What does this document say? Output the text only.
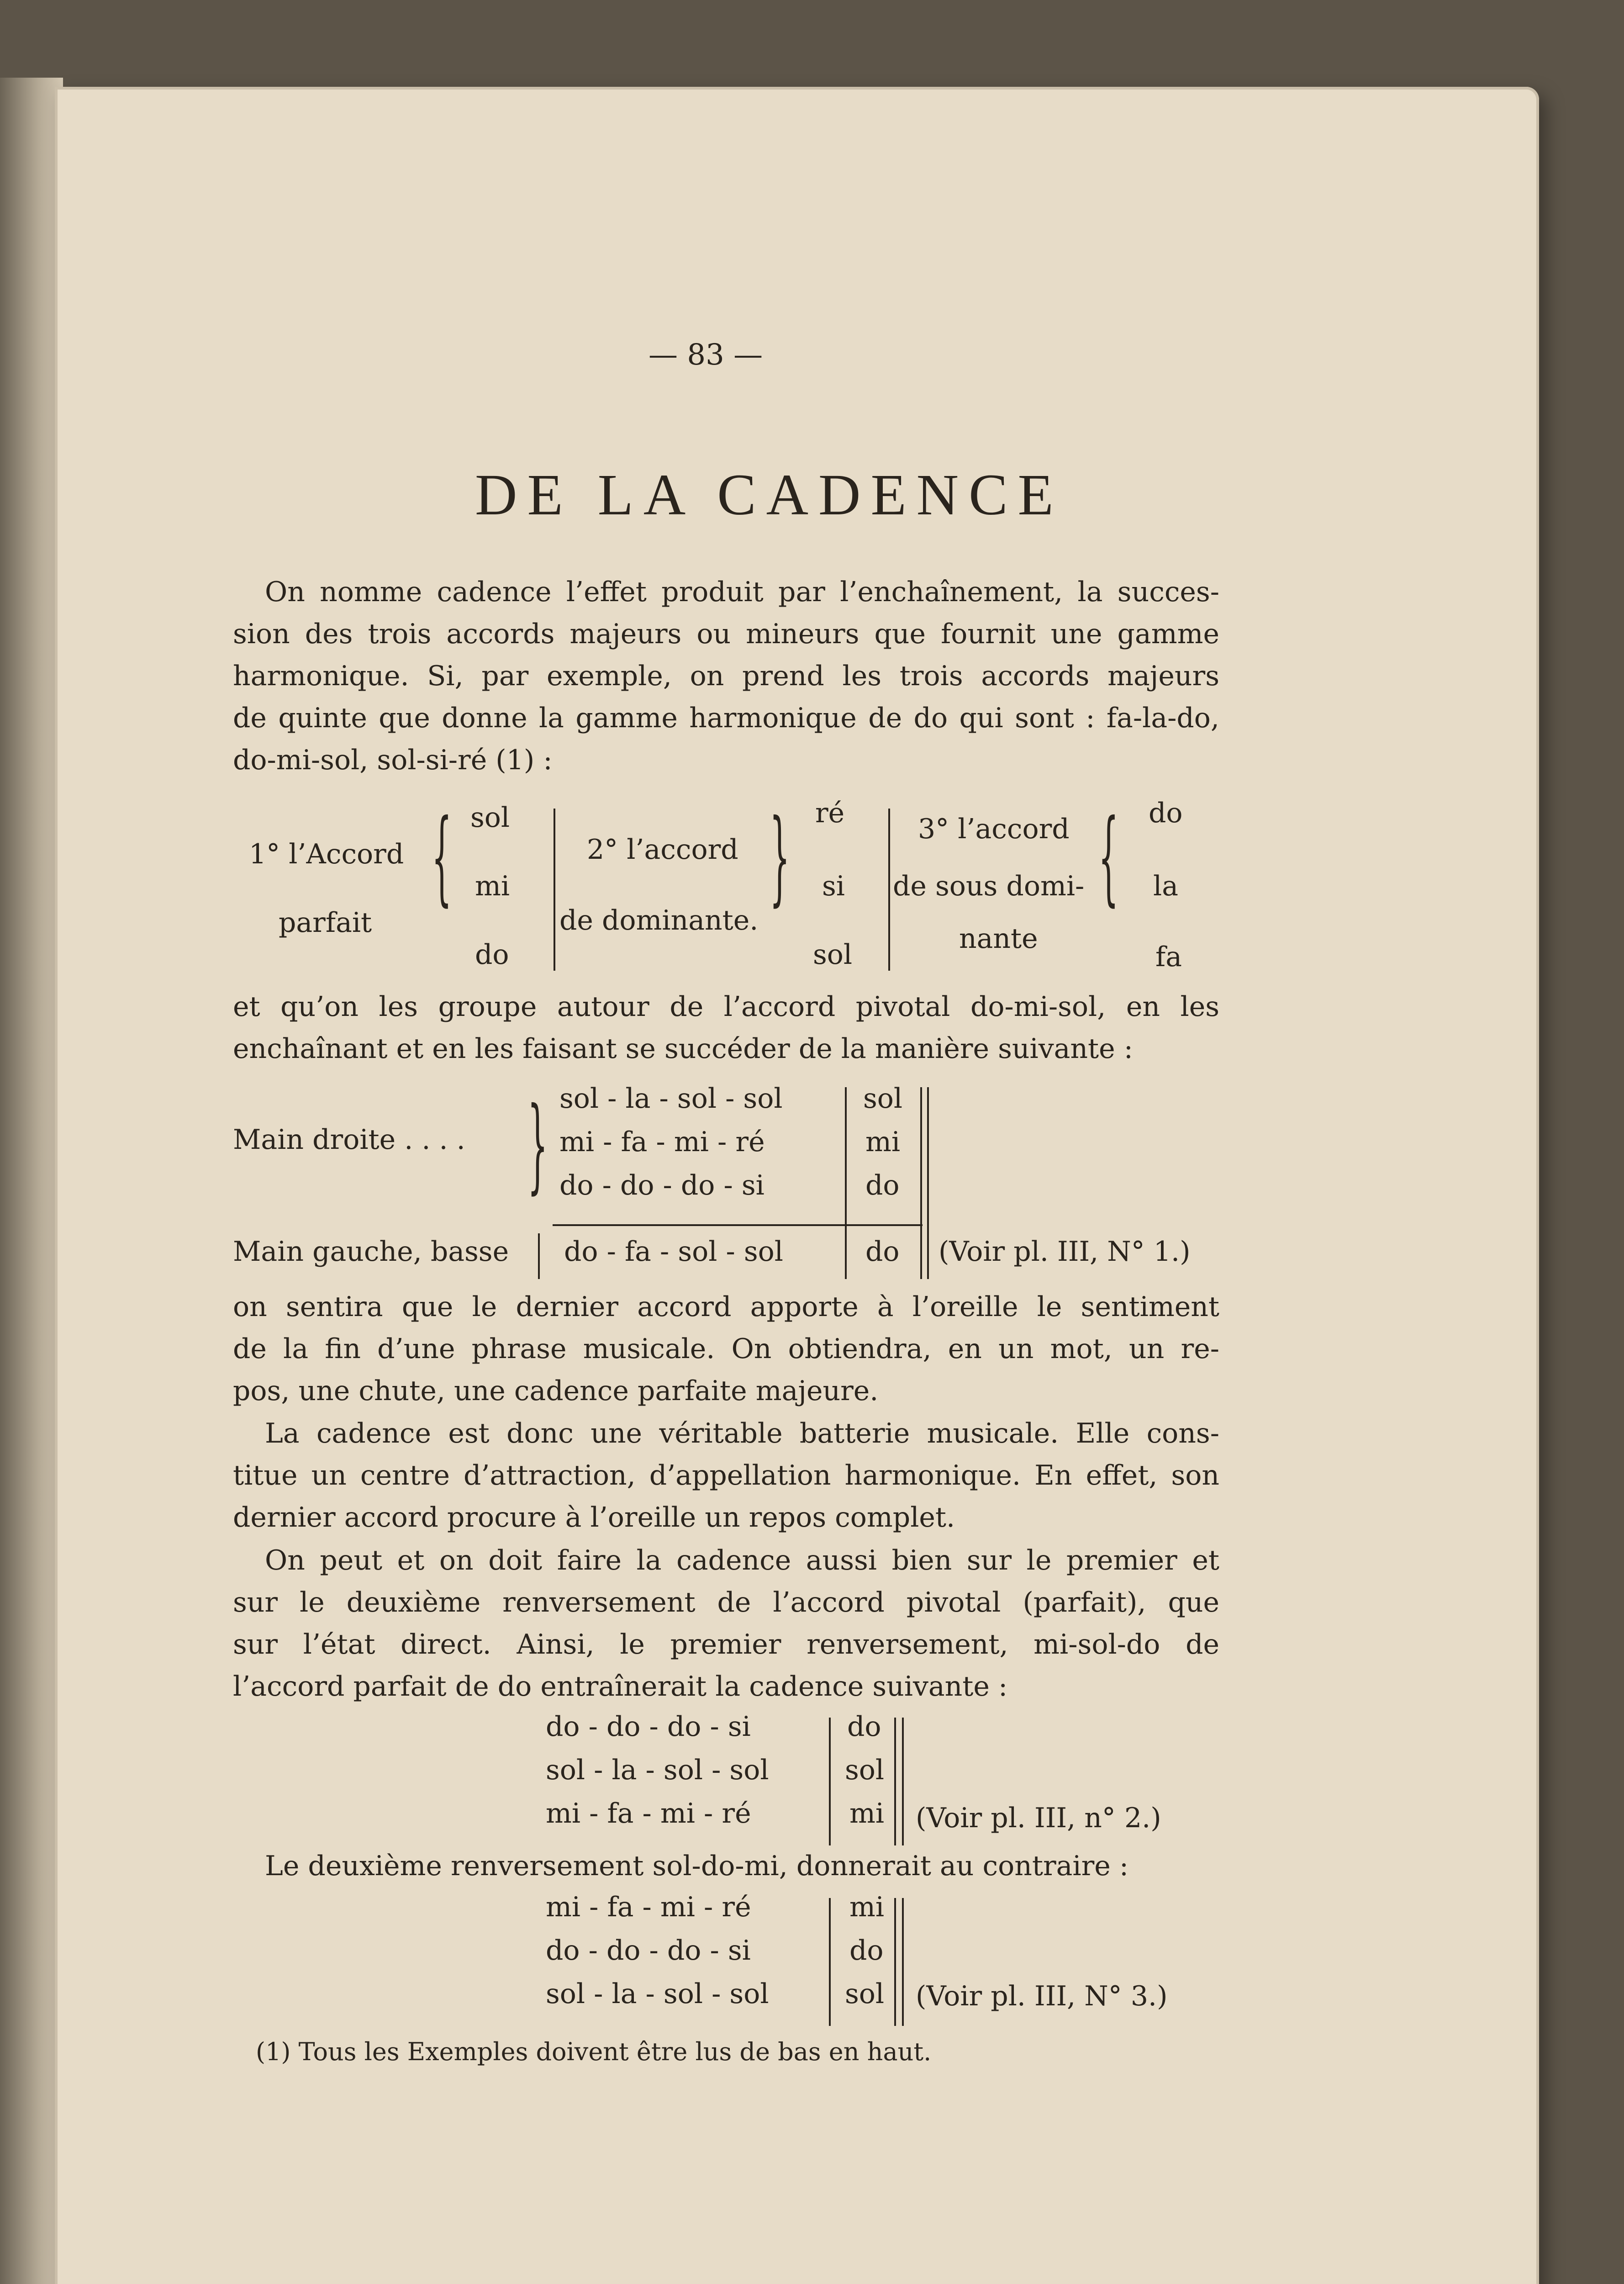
— 83 —
DE LA CADENCE
On nomme cadence l’effet produit par l’enchaînement, la succes-
sion des trois accords majeurs ou mineurs que fournit une gamme
harmonique. Si, par exemple, on prend les trois accords majeurs
de quinte que donne la gamme harmonique de do qui sont : fa-la-do,
do-mi-sol, sol-si-ré (1) :
1° l’Accord
parfait
{ sol
mi
do
2° l’accord
de dominante.
} ré
si
sol
3° l’accord
de sous domi-
nante
{ do
la
fa
et qu’on les groupe autour de l’accord pivotal do-mi-sol, en les
enchaînant et en les faisant se succéder de la manière suivante :
Main droite . . . . } sol - la - sol - sol
mi - fa - mi - ré
do - do - do - si
sol
mi
do
Main gauche, basse do - fa - sol - sol	do (Voir pl. III, N° 1.)
on sentira que le dernier accord apporte à l’oreille le sentiment
de la fin d’une phrase musicale. On obtiendra, en un mot, un re-
pos, une chute, une cadence parfaite majeure.
La cadence est donc une véritable batterie musicale. Elle cons-
titue un centre d’attraction, d’appellation harmonique. En effet, son
dernier accord procure à l’oreille un repos complet.
On peut et on doit faire la cadence aussi bien sur le premier et
sur le deuxième renversement de l’accord pivotal (parfait), que
sur l’état direct. Ainsi, le premier renversement, mi-sol-do de
l’accord parfait de do entraînerait la cadence suivante :
do - do - do - si
sol - la - sol - sol
mi - fa - mi - ré
do
sol
mi (Voir pl. III, n° 2.)
Le deuxième renversement sol-do-mi, donnerait au contraire :
mi - fa - mi - ré
do - do - do - si
sol - la - sol - sol
mi
do
sol (Voir pl. III, N° 3.)
(1) Tous les Exemples doivent être lus de bas en haut.
